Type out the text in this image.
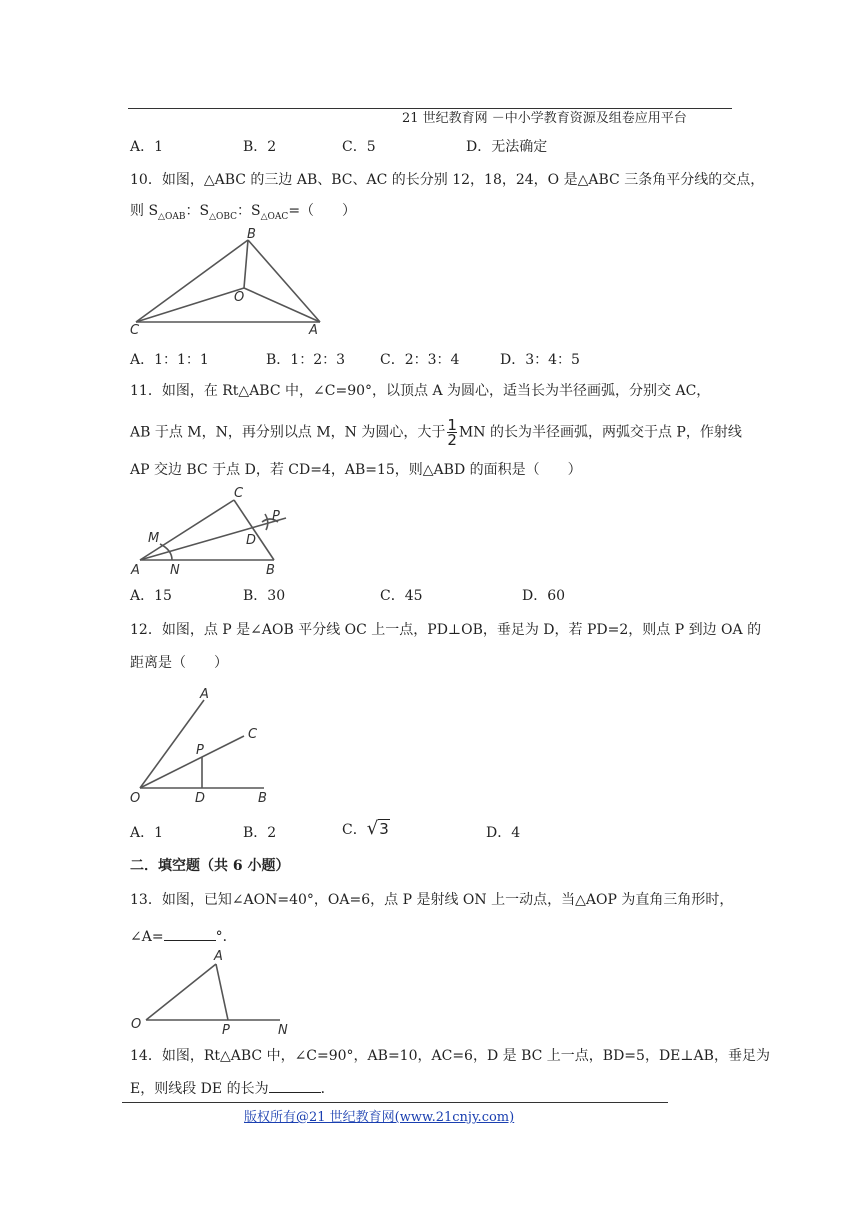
21 世纪教育网 －中小学教育资源及组卷应用平台
A．1	B．2	C．5	D．无法确定
10．如图，△ABC 的三边 AB、BC、AC 的长分别 12，18，24，O 是△ABC 三条角平分线的交点，
则 $S_{\triangle OAB}$：$S_{\triangle OBC}$：$S_{\triangle OAC}=$（　　）
B
O
C	A
A．1：1：1	B．1：2：3 C．2：3：4	D．3：4：5
11．如图，在 Rt△ABC 中，∠C=90°，以顶点 A 为圆心，适当长为半径画弧，分别交 AC，
AB 于点 M，N，再分别以点 M，N 为圆心，大于 $\frac{1}{2}$ MN 的长为半径画弧，两弧交于点 P，作射线
AP 交边 BC 于点 D，若 CD=4，AB=15，则△ABD 的面积是（　　）
C
P
M	D
A N	B
A．15	B．30	C．45	D．60
12．如图，点 P 是∠AOB 平分线 OC 上一点，PD⊥OB，垂足为 D，若 PD=2，则点 P 到边 OA 的
距离是（　　）
A
C
P
O	D	B
A．1	B．2	C．√3	D．4
二．填空题（共 6 小题）
13．如图，已知∠AON=40°，OA=6，点 P 是射线 ON 上一动点，当△AOP 为直角三角形时，
∠A=	°．
A
O	P	N
14．如图，Rt△ABC 中，∠C=90°，AB=10，AC=6，D 是 BC 上一点，BD=5，DE⊥AB，垂足为
E，则线段 DE 的长为	．
版权所有@21 世纪教育网(www.21cnjy.com)
